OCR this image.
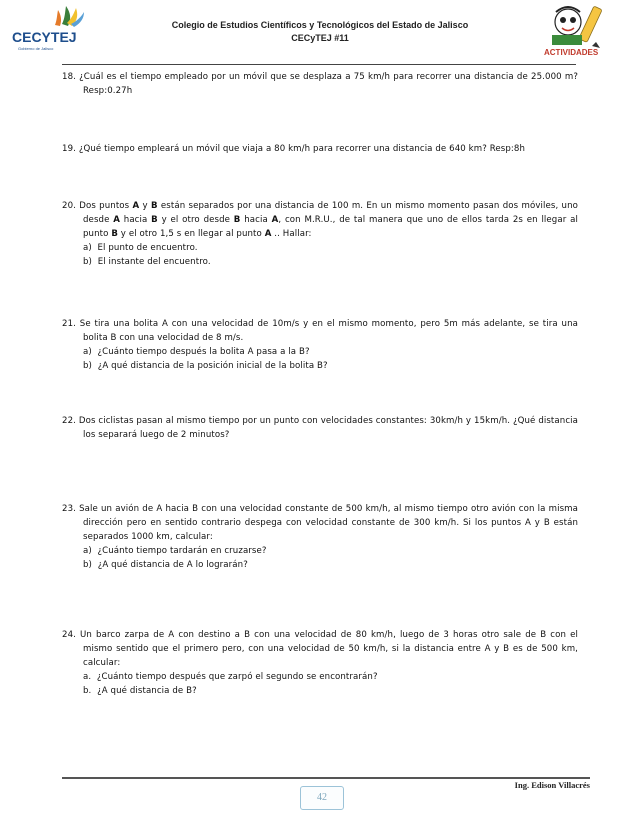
CECYTEJ
Gobierno de Jalisco
Colegio de Estudios Científicos y Tecnológicos del Estado de Jalisco
CECyTEJ #11
ACTIVIDADES

18. ¿Cuál es el tiempo empleado por un móvil que se desplaza a 75 km/h para recorrer una distancia de 25.000 m? Resp:0.27h

19. ¿Qué tiempo empleará un móvil que viaja a 80 km/h para recorrer una distancia de 640 km? Resp:8h

20. Dos puntos A y B están separados por una distancia de 100 m. En un mismo momento pasan dos móviles, uno desde A hacia B y el otro desde B hacia A, con M.R.U., de tal manera que uno de ellos tarda 2s en llegar al punto B y el otro 1,5 s en llegar al punto A .. Hallar:

a) El punto de encuentro.

b) El instante del encuentro.

21. Se tira una bolita A con una velocidad de 10m/s y en el mismo momento, pero 5m más adelante, se tira una bolita B con una velocidad de 8 m/s.

a) ¿Cuánto tiempo después la bolita A pasa a la B?

b) ¿A qué distancia de la posición inicial de la bolita B?

22. Dos ciclistas pasan al mismo tiempo por un punto con velocidades constantes: 30km/h y 15km/h. ¿Qué distancia los separará luego de 2 minutos?

23. Sale un avión de A hacia B con una velocidad constante de 500 km/h, al mismo tiempo otro avión con la misma dirección pero en sentido contrario despega con velocidad constante de 300 km/h. Si los puntos A y B están separados 1000 km, calcular:

a) ¿Cuánto tiempo tardarán en cruzarse?

b) ¿A qué distancia de A lo lograrán?

24. Un barco zarpa de A con destino a B con una velocidad de 80 km/h, luego de 3 horas otro sale de B con el mismo sentido que el primero pero, con una velocidad de 50 km/h, si la distancia entre A y B es de 500 km, calcular:

a. ¿Cuánto tiempo después que zarpó el segundo se encontrarán?

b. ¿A qué distancia de B?

Ing. Edison Villacrés
42
